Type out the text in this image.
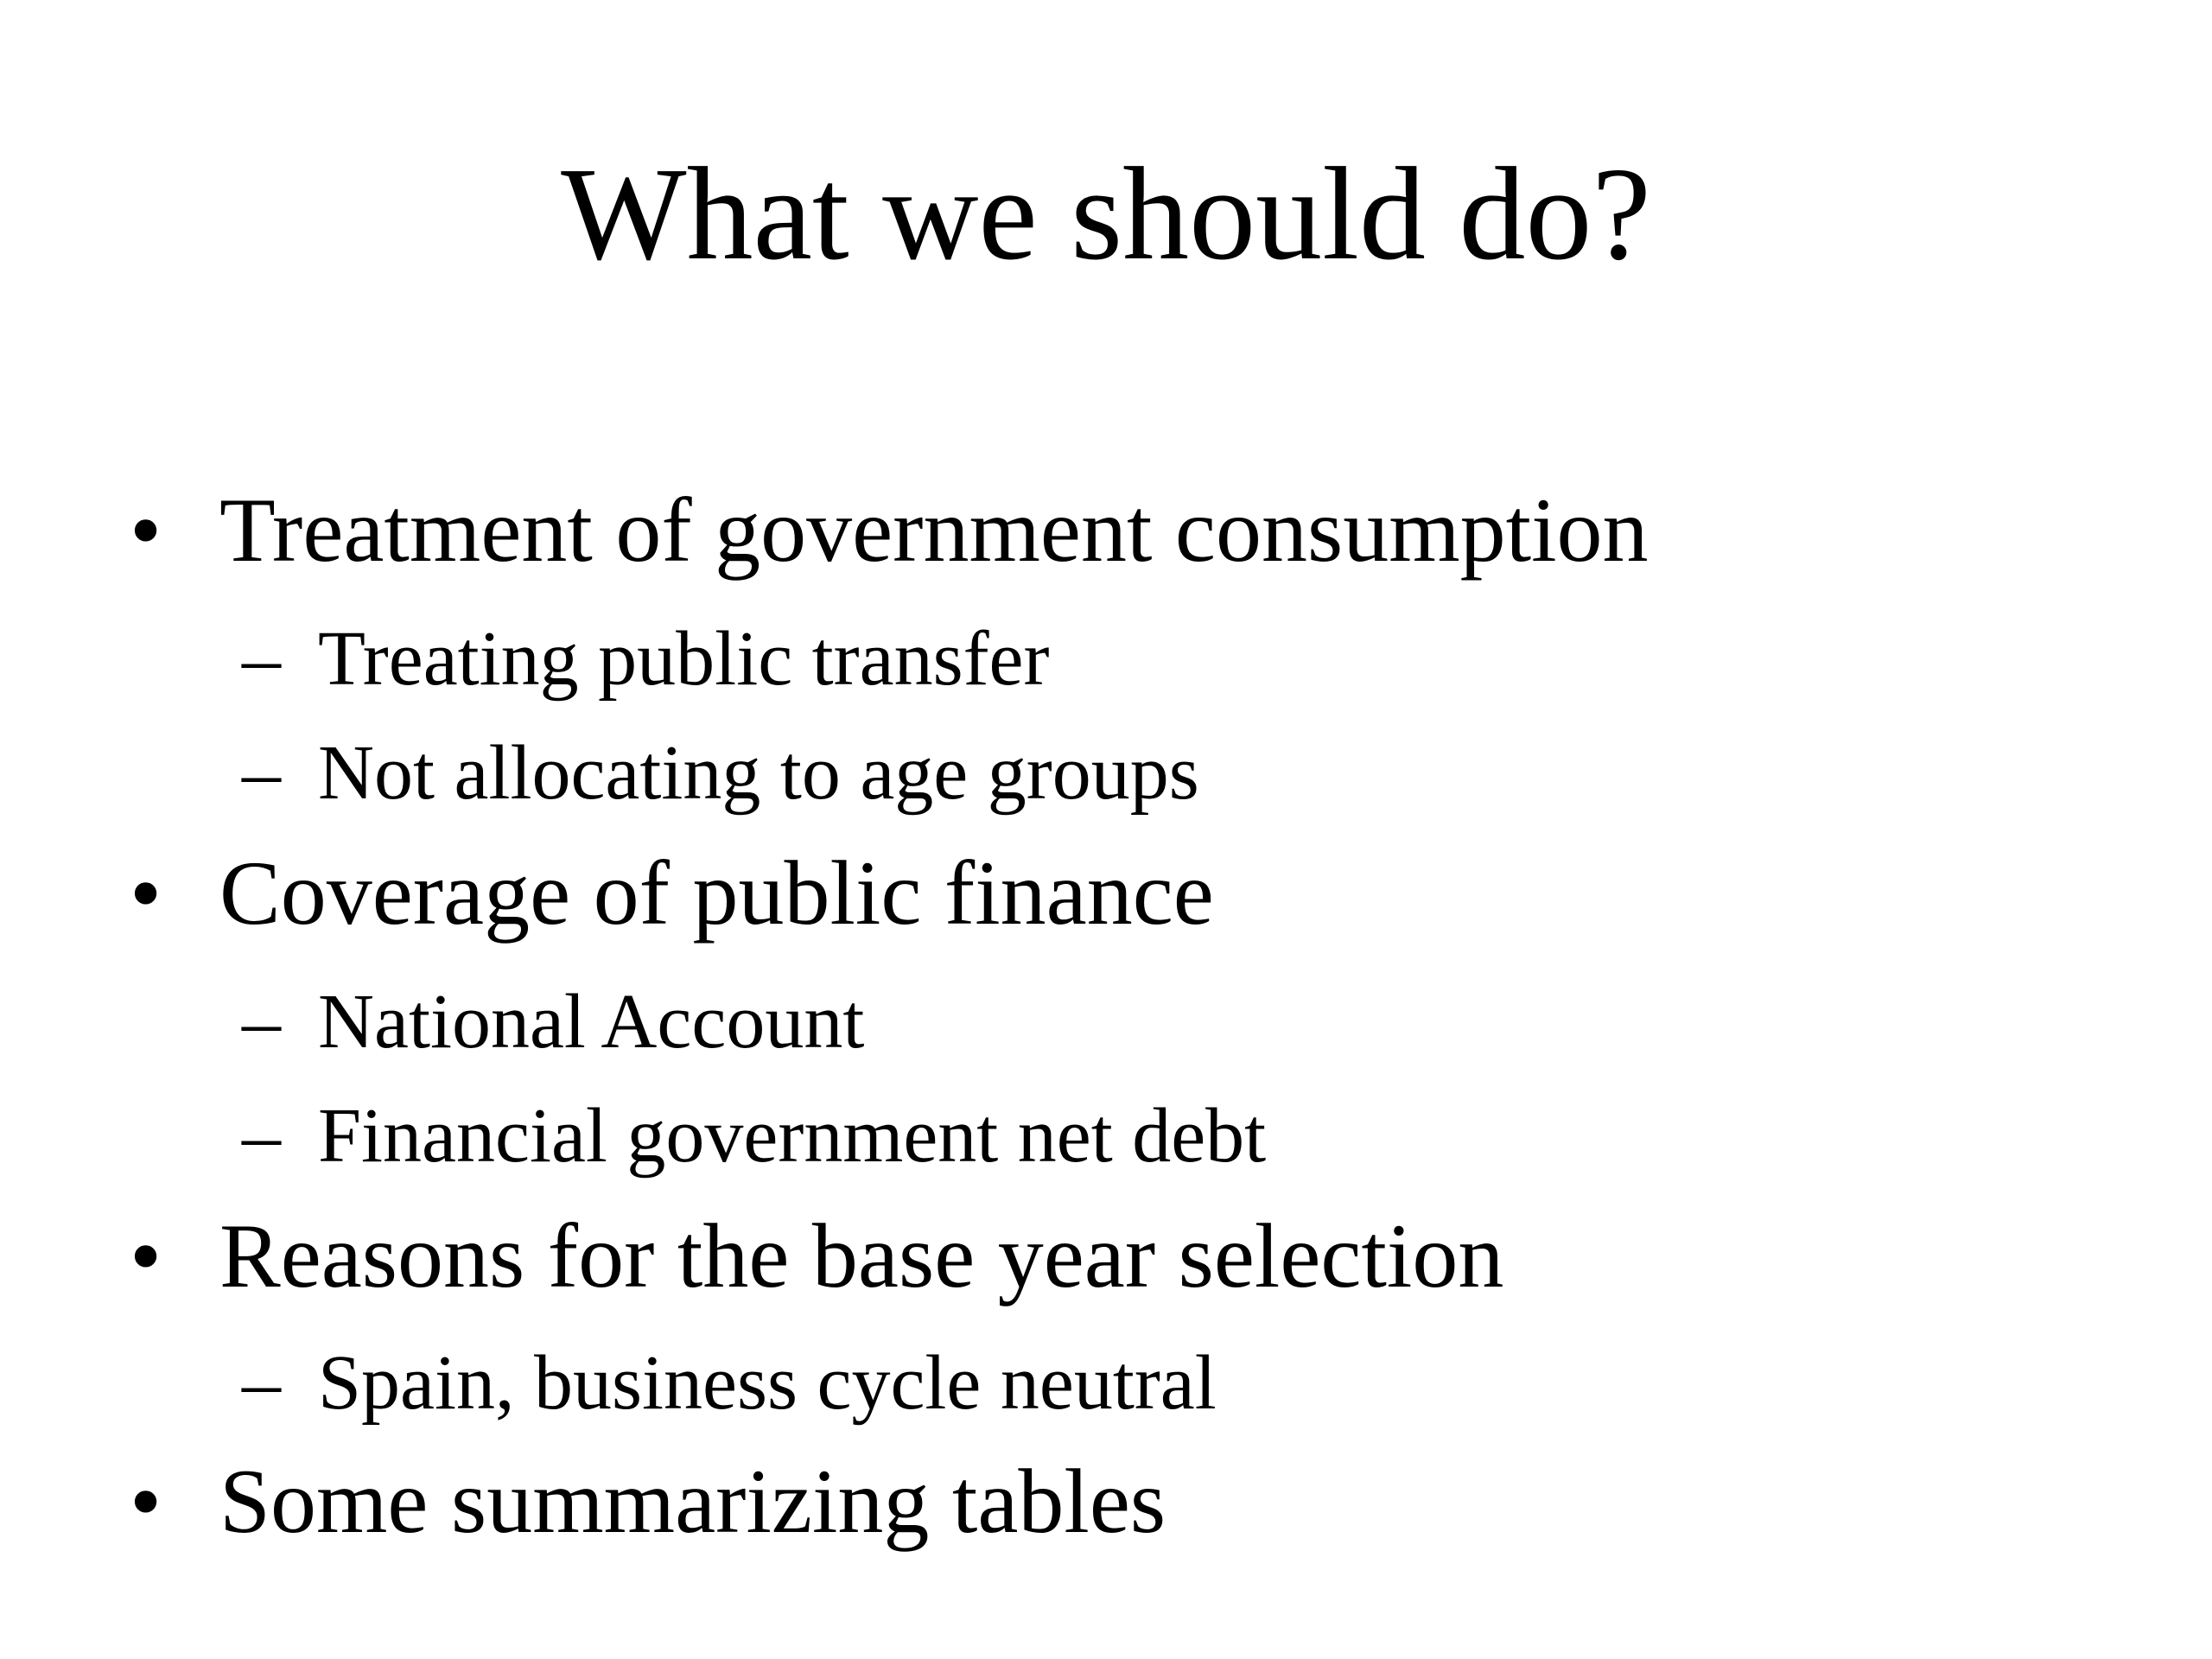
What we should do?
• Treatment of government consumption
– Treating public transfer
– Not allocating to age groups
• Coverage of public finance
– National Account
– Financial government net debt
• Reasons for the base year selection
– Spain, business cycle neutral
• Some summarizing tables
